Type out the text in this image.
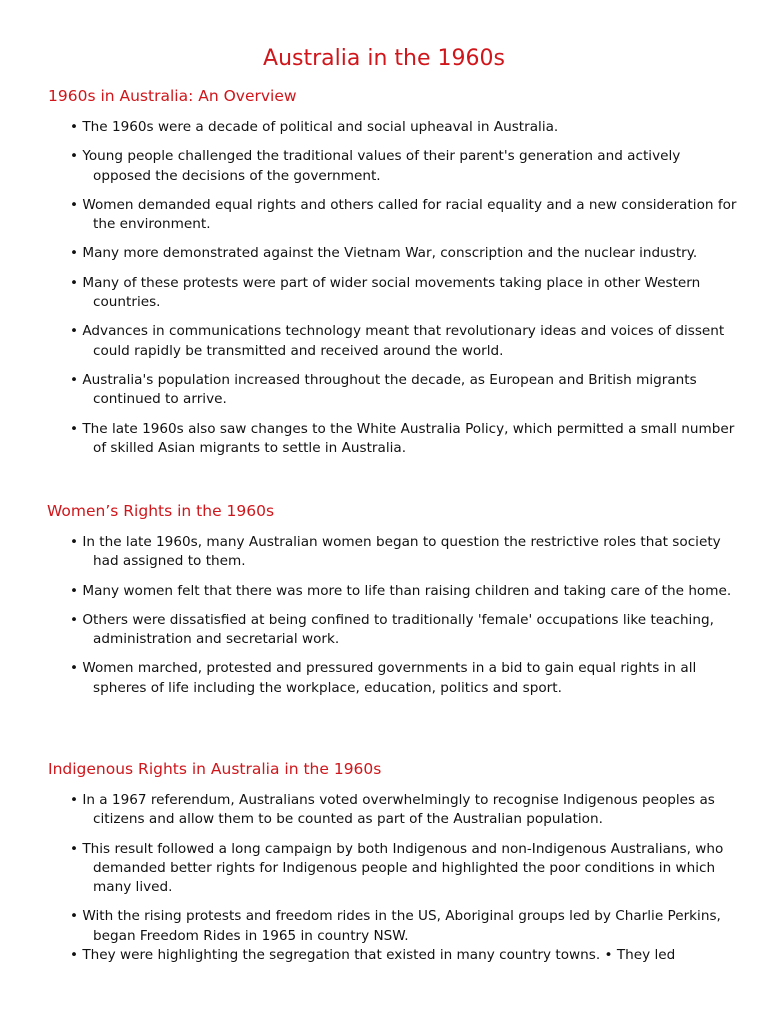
Australia in the 1960s
1960s in Australia: An Overview
• The 1960s were a decade of political and social upheaval in Australia.
• Young people challenged the traditional values of their parent's generation and actively opposed the decisions of the government.
• Women demanded equal rights and others called for racial equality and a new consideration for the environment.
• Many more demonstrated against the Vietnam War, conscription and the nuclear industry.
• Many of these protests were part of wider social movements taking place in other Western countries.
• Advances in communications technology meant that revolutionary ideas and voices of dissent could rapidly be transmitted and received around the world.
• Australia's population increased throughout the decade, as European and British migrants continued to arrive.
• The late 1960s also saw changes to the White Australia Policy, which permitted a small number of skilled Asian migrants to settle in Australia.
Women’s Rights in the 1960s
• In the late 1960s, many Australian women began to question the restrictive roles that society had assigned to them.
• Many women felt that there was more to life than raising children and taking care of the home.
• Others were dissatisfied at being confined to traditionally 'female' occupations like teaching, administration and secretarial work.
• Women marched, protested and pressured governments in a bid to gain equal rights in all spheres of life including the workplace, education, politics and sport.
Indigenous Rights in Australia in the 1960s
• In a 1967 referendum, Australians voted overwhelmingly to recognise Indigenous peoples as citizens and allow them to be counted as part of the Australian population.
• This result followed a long campaign by both Indigenous and non-Indigenous Australians, who demanded better rights for Indigenous people and highlighted the poor conditions in which many lived.
• With the rising protests and freedom rides in the US, Aboriginal groups led by Charlie Perkins, began Freedom Rides in 1965 in country NSW.
• They were highlighting the segregation that existed in many country towns. • They led
